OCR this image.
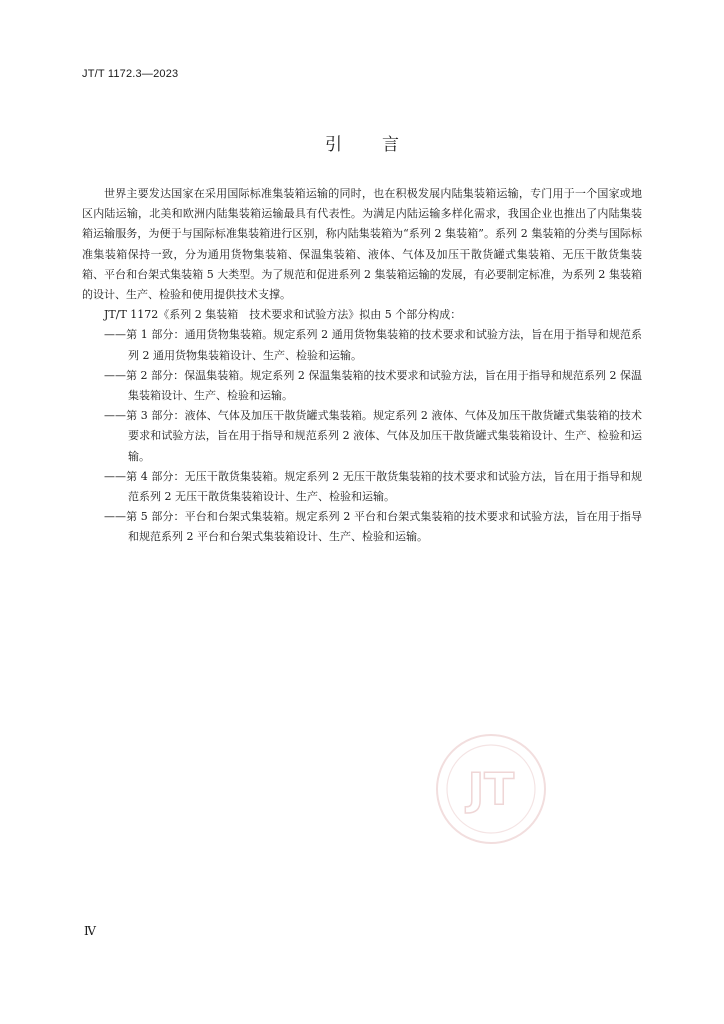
JT/T 1172.3—2023
引言

世界主要发达国家在采用国际标准集装箱运输的同时，也在积极发展内陆集装箱运输，专门用于一个国家或地区内陆运输，北美和欧洲内陆集装箱运输最具有代表性。为满足内陆运输多样化需求，我国企业也推出了内陆集装箱运输服务，为便于与国际标准集装箱进行区别，称内陆集装箱为“系列 2 集装箱”。系列 2 集装箱的分类与国际标准集装箱保持一致，分为通用货物集装箱、保温集装箱、液体、气体及加压干散货罐式集装箱、无压干散货集装箱、平台和台架式集装箱 5 大类型。为了规范和促进系列 2 集装箱运输的发展，有必要制定标准，为系列 2 集装箱的设计、生产、检验和使用提供技术支撑。

JT/T 1172《系列 2 集装箱　技术要求和试验方法》拟由 5 个部分构成：

——第 1 部分：通用货物集装箱。规定系列 2 通用货物集装箱的技术要求和试验方法，旨在用于指导和规范系列 2 通用货物集装箱设计、生产、检验和运输。

——第 2 部分：保温集装箱。规定系列 2 保温集装箱的技术要求和试验方法，旨在用于指导和规范系列 2 保温集装箱设计、生产、检验和运输。

——第 3 部分：液体、气体及加压干散货罐式集装箱。规定系列 2 液体、气体及加压干散货罐式集装箱的技术要求和试验方法，旨在用于指导和规范系列 2 液体、气体及加压干散货罐式集装箱设计、生产、检验和运输。

——第 4 部分：无压干散货集装箱。规定系列 2 无压干散货集装箱的技术要求和试验方法，旨在用于指导和规范系列 2 无压干散货集装箱设计、生产、检验和运输。

——第 5 部分：平台和台架式集装箱。规定系列 2 平台和台架式集装箱的技术要求和试验方法，旨在用于指导和规范系列 2 平台和台架式集装箱设计、生产、检验和运输。

JT
Ⅳ
